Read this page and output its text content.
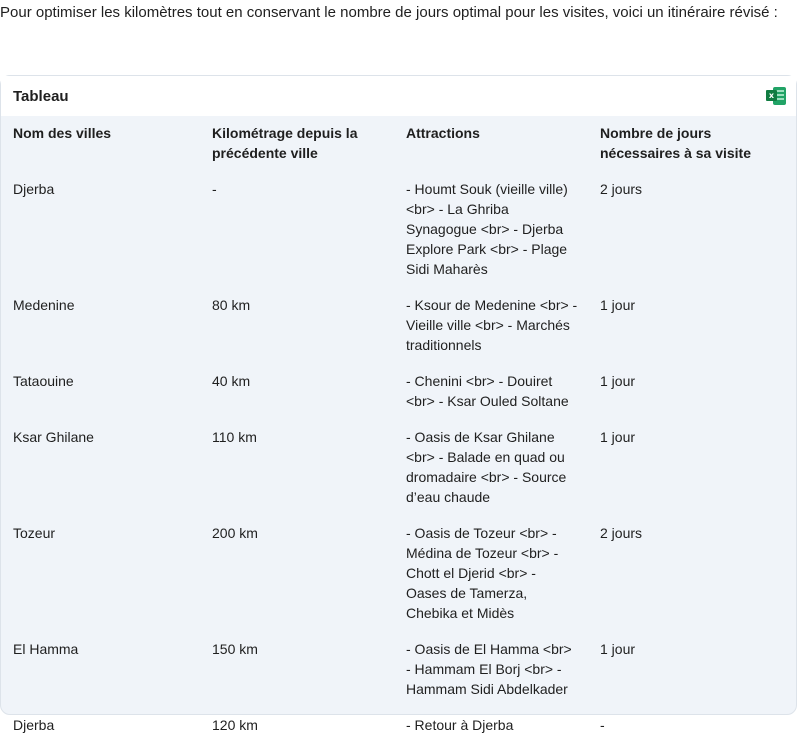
Pour optimiser les kilomètres tout en conservant le nombre de jours optimal pour les visites, voici un itinéraire révisé :
Tableau	x
Nom des villes	Kilométrage depuis la précédente ville	Attractions	Nombre de jours nécessaires à sa visite
Djerba	-	- Houmt Souk (vieille ville) <br> - La Ghriba Synagogue <br> - Djerba Explore Park <br> - Plage Sidi Maharès	2 jours
Medenine	80 km	- Ksour de Medenine <br> - Vieille ville <br> - Marchés traditionnels	1 jour
Tataouine	40 km	- Chenini <br> - Douiret <br> - Ksar Ouled Soltane	1 jour
Ksar Ghilane	110 km	- Oasis de Ksar Ghilane <br> - Balade en quad ou dromadaire <br> - Source d’eau chaude	1 jour
Tozeur	200 km	- Oasis de Tozeur <br> - Médina de Tozeur <br> - Chott el Djerid <br> - Oases de Tamerza, Chebika et Midès	2 jours
El Hamma	150 km	- Oasis de El Hamma <br> - Hammam El Borj <br> - Hammam Sidi Abdelkader	1 jour
Djerba	120 km	- Retour à Djerba	-
